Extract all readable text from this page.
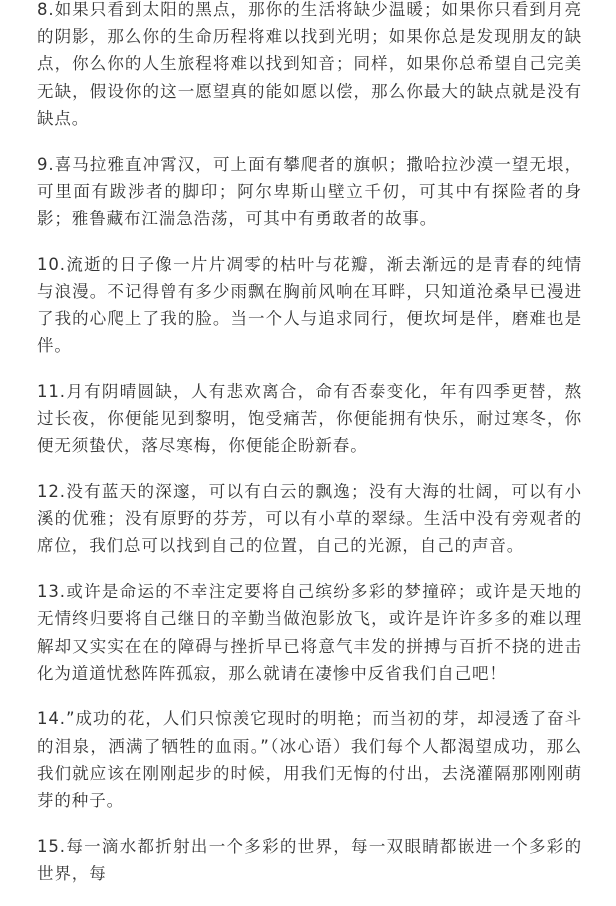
8.如果只看到太阳的黑点，那你的生活将缺少温暖；如果你只看到月亮的阴影，那么你的生命历程将难以找到光明；如果你总是发现朋友的缺点，你么你的人生旅程将难以找到知音；同样，如果你总希望自己完美无缺，假设你的这一愿望真的能如愿以偿，那么你最大的缺点就是没有缺点。

9.喜马拉雅直冲霄汉，可上面有攀爬者的旗帜；撒哈拉沙漠一望无垠，可里面有跋涉者的脚印；阿尔卑斯山壁立千仞，可其中有探险者的身影；雅鲁藏布江湍急浩荡，可其中有勇敢者的故事。

10.流逝的日子像一片片凋零的枯叶与花瓣，渐去渐远的是青春的纯情与浪漫。不记得曾有多少雨飘在胸前风响在耳畔，只知道沧桑早已漫进了我的心爬上了我的脸。当一个人与追求同行，便坎坷是伴，磨难也是伴。

11.月有阴晴圆缺，人有悲欢离合，命有否泰变化，年有四季更替，熬过长夜，你便能见到黎明，饱受痛苦，你便能拥有快乐，耐过寒冬，你便无须蛰伏，落尽寒梅，你便能企盼新春。

12.没有蓝天的深邃，可以有白云的飘逸；没有大海的壮阔，可以有小溪的优雅；没有原野的芬芳，可以有小草的翠绿。生活中没有旁观者的席位，我们总可以找到自己的位置，自己的光源，自己的声音。

13.或许是命运的不幸注定要将自己缤纷多彩的梦撞碎；或许是天地的无情终归要将自己继日的辛勤当做泡影放飞，或许是许许多多的难以理解却又实实在在的障碍与挫折早已将意气丰发的拼搏与百折不挠的进击化为道道忧愁阵阵孤寂，那么就请在凄惨中反省我们自己吧！

14.”成功的花，人们只惊羡它现时的明艳；而当初的芽，却浸透了奋斗的泪泉，洒满了牺牲的血雨。”（冰心语）我们每个人都渴望成功，那么我们就应该在刚刚起步的时候，用我们无悔的付出，去浇灌隔那刚刚萌芽的种子。

15.每一滴水都折射出一个多彩的世界，每一双眼睛都嵌进一个多彩的世界，每
